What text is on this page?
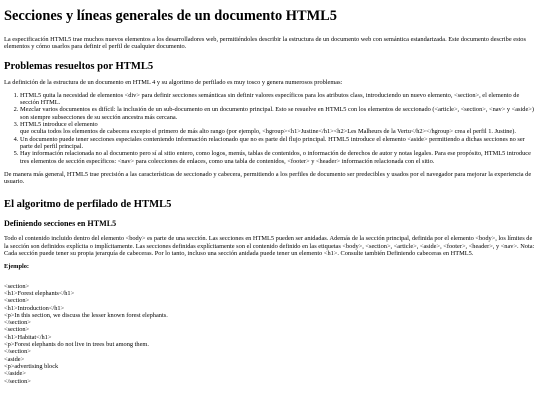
Secciones y líneas generales de un documento HTML5

La especificación HTML5 trae muchos nuevos elementos a los desarrolladores web, permitiéndoles describir la estructura de un documento web con semántica estandarizada. Este documento describe estos elementos y cómo usarlos para definir el perfil de cualquier documento.

Problemas resueltos por HTML5

La definición de la estructura de un documento en HTML 4 y su algoritmo de perfilado es muy tosco y genera numerosos problemas:

1. HTML5 quita la necesidad de elementos <div> para definir secciones semánticas sin definir valores específicos para los atributos class, introduciendo un nuevo elemento, <section>, el elemento de sección HTML.
2. Mezclar varios documentos es difícil: la inclusión de un sub-documento en un documento principal. Esto se resuelve en HTML5 con los elementos de seccionado (<article>, <section>, <nav> y <aside>) son siempre subsecciones de su sección ancestra más cercana.
3. HTML5 introduce el elemento
que oculta todos los elementos de cabecera excepto el primero de más alto rango (por ejemplo, <hgroup><h1>Justine</h1><h2>Les Malheurs de la Vertu</h2></hgroup> crea el perfil 1. Justine).
4. Un documento puede tener secciones especiales conteniendo información relacionado que no es parte del flujo principal. HTML5 introduce el elemento <aside> permitiendo a dichas secciones no ser parte del perfil principal.
5. Hay información relacionada no al documento pero sí al sitio entero, como logos, menús, tablas de contenidos, o información de derechos de autor y notas legales. Para ese propósito, HTML5 introduce tres elementos de sección específicos: <nav> para colecciones de enlaces, como una tabla de contenidos, <footer> y <header> información relacionada con el sitio.

De manera más general, HTML5 trae precisión a las características de seccionado y cabecera, permitiendo a los perfiles de documento ser predecibles y usados por el navegador para mejorar la experiencia de usuario.

El algoritmo de perfilado de HTML5
Definiendo secciones en HTML5

Todo el contenido incluido dentro del elemento <body> es parte de una sección. Las secciones en HTML5 pueden ser anidadas. Además de la sección principal, definida por el elemento <body>, los límites de la sección son definidos explícita o implícitamente. Las secciones definidas explícitamente son el contenido definido en las etiquetas <body>, <section>, <article>, <aside>, <footer>, <header>, y <nav>. Nota: Cada sección puede tener su propia jerarquía de cabeceras. Por lo tanto, incluso una sección anidada puede tener un elemento <h1>. Consulte también Definiendo cabeceras en HTML5.

Ejemplo:

<section>
<h1>Forest elephants</h1>
<section>
<h1>Introduction</h1>
<p>In this section, we discuss the lesser known forest elephants.
</section>
<section>
<h1>Habitat</h1>
<p>Forest elephants do not live in trees but among them.
</section>
<aside>
<p>advertising block
</aside>
</section>
